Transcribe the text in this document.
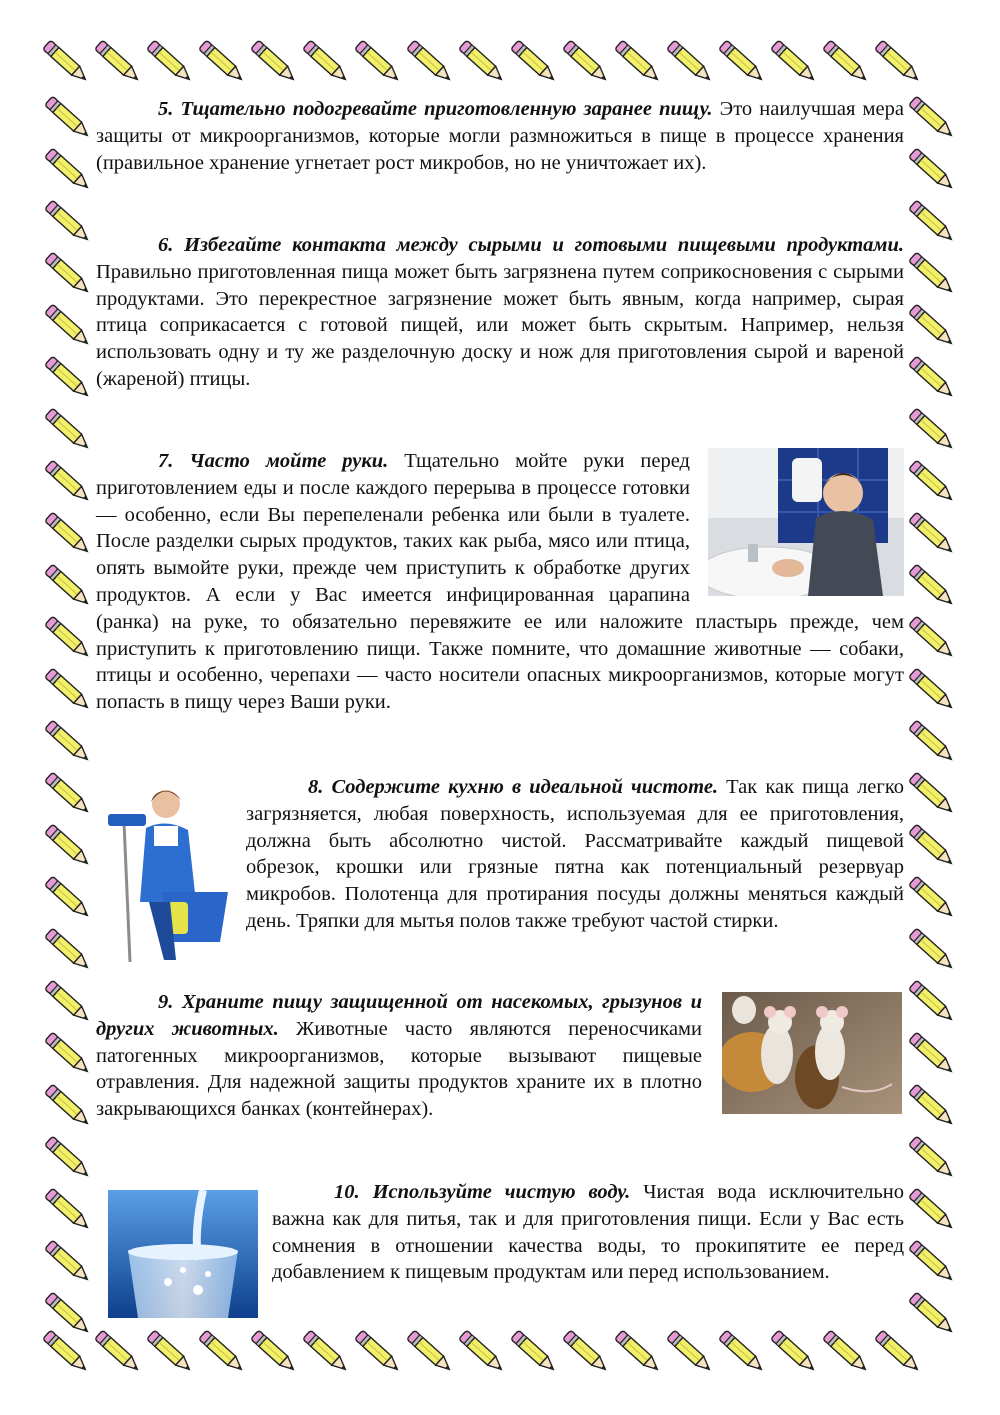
5. Тщательно подогревайте приготовленную заранее пищу. Это наилучшая мера защиты от микроорганизмов, которые могли размножиться в пище в процессе хранения (правильное хранение угнетает рост микробов, но не уничтожает их).

6. Избегайте контакта между сырыми и готовыми пищевыми продуктами. Правильно приготовленная пища может быть загрязнена путем соприкосновения с сырыми продуктами. Это перекрестное загрязнение может быть явным, когда например, сырая птица соприкасается с готовой пищей, или может быть скрытым. Например, нельзя использовать одну и ту же разделочную доску и нож для приготовления сырой и вареной (жареной) птицы.

7. Часто мойте руки. Тщательно мойте руки перед приготовлением еды и после каждого перерыва в процессе готовки — особенно, если Вы перепеленали ребенка или были в туалете. После разделки сырых продуктов, таких как рыба, мясо или птица, опять вымойте руки, прежде чем приступить к обработке других продуктов. А если у Вас имеется инфицированная царапина (ранка) на руке, то обязательно перевяжите ее или наложите пластырь прежде, чем приступить к приготовлению пищи. Также помните, что домашние животные — собаки, птицы и особенно, черепахи — часто носители опасных микроорганизмов, которые могут попасть в пищу через Ваши руки.

8. Содержите кухню в идеальной чистоте. Так как пища легко загрязняется, любая поверхность, используемая для ее приготовления, должна быть абсолютно чистой. Рассматривайте каждый пищевой обрезок, крошки или грязные пятна как потенциальный резервуар микробов. Полотенца для протирания посуды должны меняться каждый день. Тряпки для мытья полов также требуют частой стирки.

9. Храните пищу защищенной от насекомых, грызунов и других животных. Животные часто являются переносчиками патогенных микроорганизмов, которые вызывают пищевые отравления. Для надежной защиты продуктов храните их в плотно закрывающихся банках (контейнерах).

10. Используйте чистую воду. Чистая вода исключительно важна как для питья, так и для приготовления пищи. Если у Вас есть сомнения в отношении качества воды, то прокипятите ее перед добавлением к пищевым продуктам или перед использованием.
